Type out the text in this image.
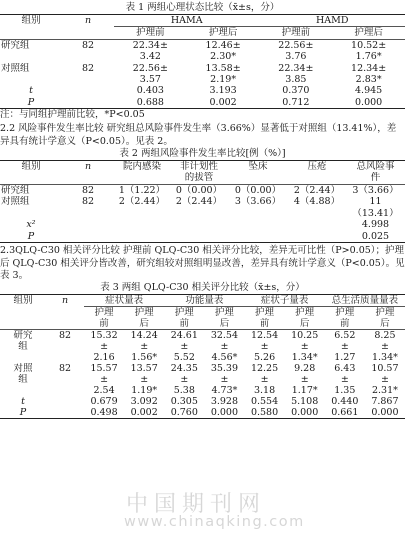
表 1 两组心理状态比较（x̄±s，分）

组别	n	HAMA		HAMD	
		护理前	护理后	护理前	护理后
研究组	82	22.34±	12.46±	22.56±	10.52±
		3.42	2.30*	3.76	1.76*
对照组	82	22.56±	13.58±	22.34±	12.34±
		3.57	2.19*	3.85	2.83*
t		0.403	3.193	0.370	4.945
P		0.688	0.002	0.712	0.000

注：与同组护理前比较，*P<0.05

2.2 风险事件发生率比较 研究组总风险事件发生率（3.66%）显著低于对照组（13.41%），差异具有统计学意义（P<0.05）。见表 2。

表 2 两组风险事件发生率比较[例（%）]

组别	n	院内感染	非计划性	坠床	压疮	总风险事
			的拔管			件
研究组	82	1（1.22）	0（0.00）	0（0.00）	2（2.44）	3（3.66）
对照组	82	2（2.44）	2（2.44）	3（3.66）	4（4.88）	11
						（13.41）
x²						4.998
P						0.025

2.3QLQ-C30 相关评分比较 护理前 QLQ-C30 相关评分比较，差异无可比性（P>0.05）；护理后 QLQ-C30 相关评分皆改善，研究组较对照组明显改善，差异具有统计学意义（P<0.05）。见表 3。

表 3 两组 QLQ-C30 相关评分比较（x̄±s，分）

组别	n	症状量表		功能量表		症状子量表		总生活质量量表	
		护理	护理	护理	护理	护理	护理	护理	护理
		前	后	前	后	前	后	前	后
研究	82	15.32	14.24	24.61	32.54	12.54	10.25	6.52	8.25
组		±	±	±	±	±	±	±	±
		2.16	1.56*	5.52	4.56*	5.26	1.34*	1.27	1.34*
对照	82	15.57	13.57	24.35	35.39	12.25	9.28	6.43	10.57
组		±	±	±	±	±	±	±	±
		2.54	1.19*	5.38	4.73*	3.18	1.17*	1.35	2.31*
t		0.679	3.092	0.305	3.928	0.554	5.108	0.440	7.867
P		0.498	0.002	0.760	0.000	0.580	0.000	0.661	0.000
中国期刊网
www.chinaqking.com
